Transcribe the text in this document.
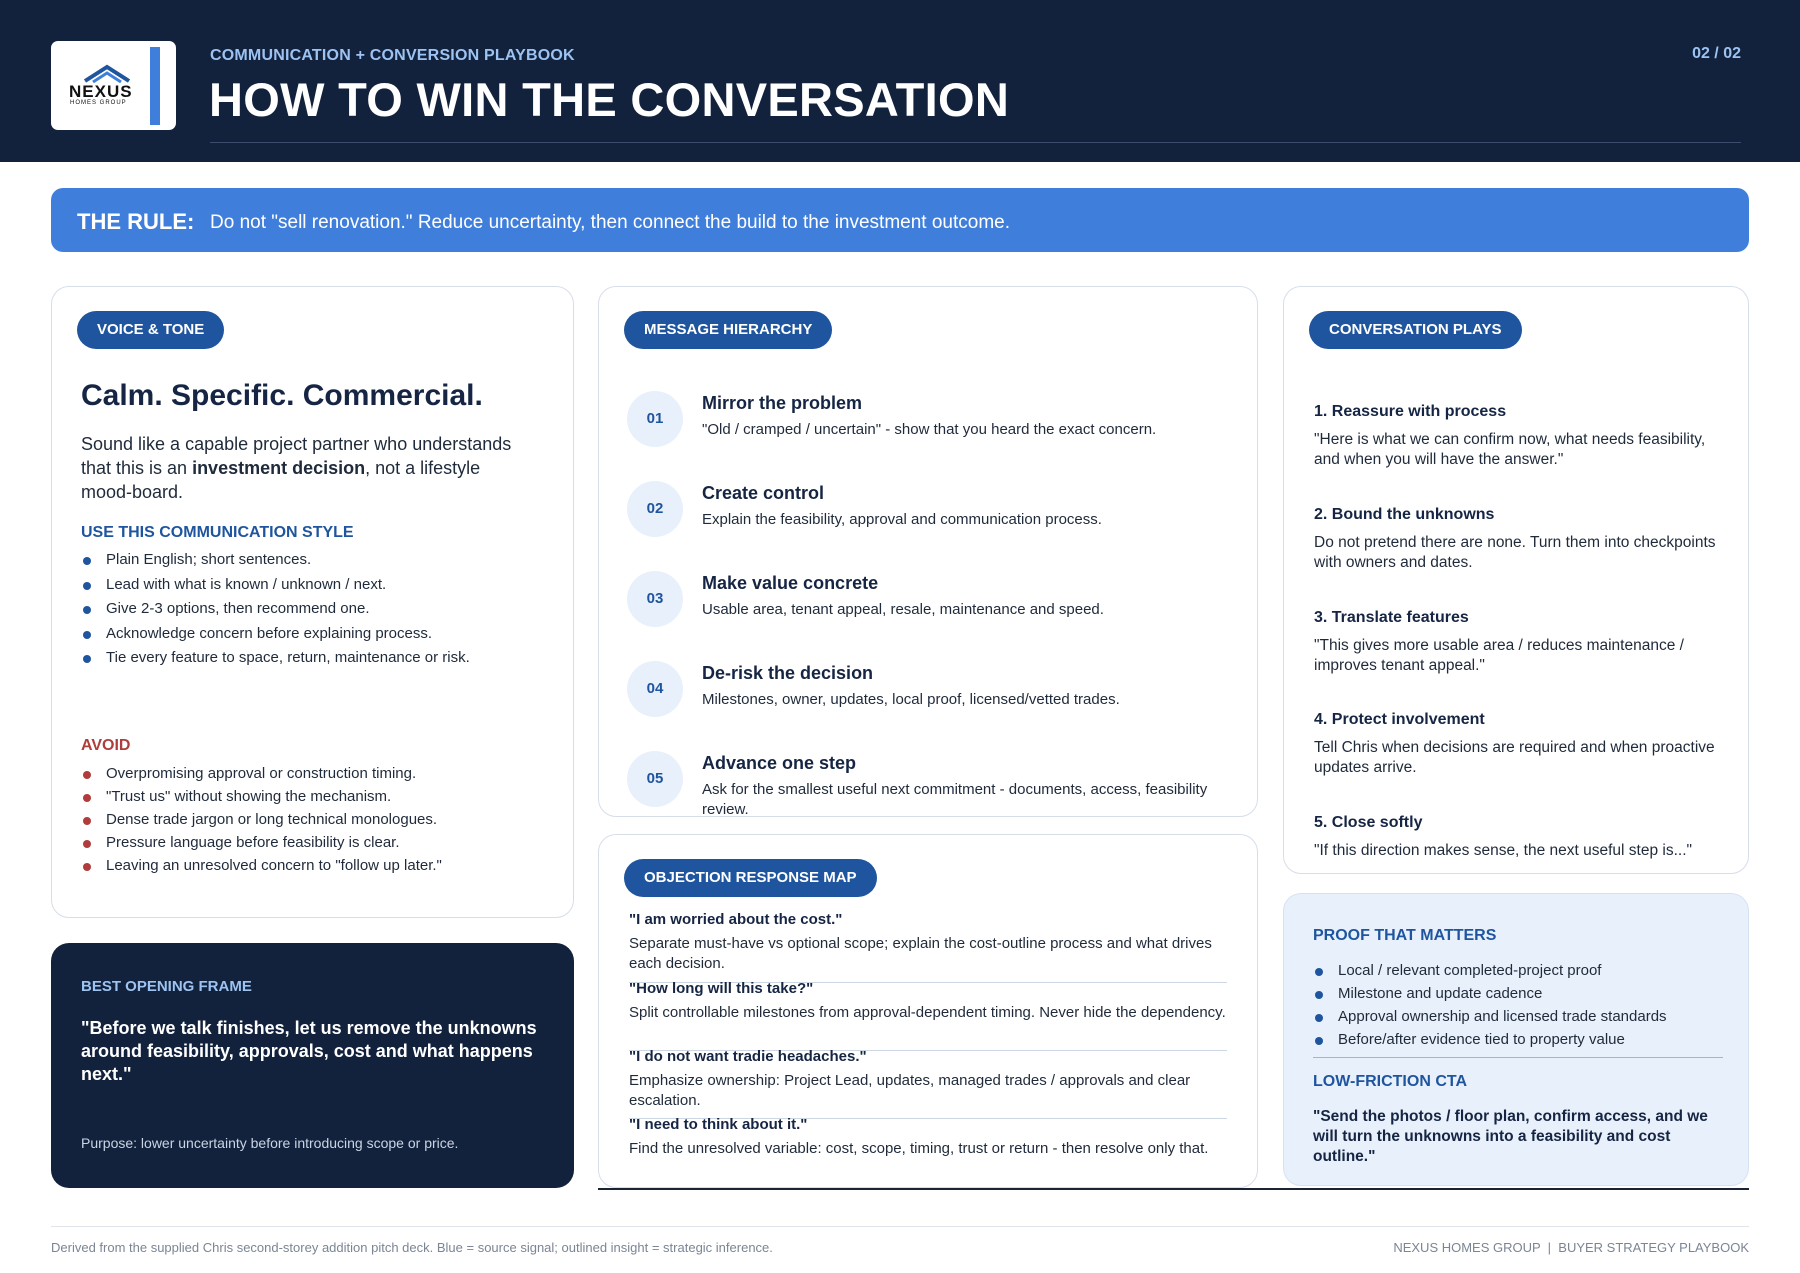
NEXUS
HOMES GROUP
COMMUNICATION + CONVERSION PLAYBOOK
HOW TO WIN THE CONVERSATION
02 / 02
THE RULE: Do not "sell renovation." Reduce uncertainty, then connect the build to the investment outcome.
VOICE & TONE
Calm. Specific. Commercial.
Sound like a capable project partner who understands that this is an investment decision, not a lifestyle mood-board.
USE THIS COMMUNICATION STYLE
Plain English; short sentences.
Lead with what is known / unknown / next.
Give 2-3 options, then recommend one.
Acknowledge concern before explaining process.
Tie every feature to space, return, maintenance or risk.
AVOID
Overpromising approval or construction timing.
"Trust us" without showing the mechanism.
Dense trade jargon or long technical monologues.
Pressure language before feasibility is clear.
Leaving an unresolved concern to "follow up later."
BEST OPENING FRAME
"Before we talk finishes, let us remove the unknowns around feasibility, approvals, cost and what happens next."
Purpose: lower uncertainty before introducing scope or price.
MESSAGE HIERARCHY
01
Mirror the problem
"Old / cramped / uncertain" - show that you heard the exact concern.
02
Create control
Explain the feasibility, approval and communication process.
03
Make value concrete
Usable area, tenant appeal, resale, maintenance and speed.
04
De-risk the decision
Milestones, owner, updates, local proof, licensed/vetted trades.
05
Advance one step
Ask for the smallest useful next commitment - documents, access, feasibility review.
OBJECTION RESPONSE MAP
"I am worried about the cost."
Separate must-have vs optional scope; explain the cost-outline process and what drives each decision.
"How long will this take?"
Split controllable milestones from approval-dependent timing. Never hide the dependency.
"I do not want tradie headaches."
Emphasize ownership: Project Lead, updates, managed trades / approvals and clear escalation.
"I need to think about it."
Find the unresolved variable: cost, scope, timing, trust or return - then resolve only that.
CONVERSATION PLAYS
1. Reassure with process
"Here is what we can confirm now, what needs feasibility, and when you will have the answer."
2. Bound the unknowns
Do not pretend there are none. Turn them into checkpoints with owners and dates.
3. Translate features
"This gives more usable area / reduces maintenance / improves tenant appeal."
4. Protect involvement
Tell Chris when decisions are required and when proactive updates arrive.
5. Close softly
"If this direction makes sense, the next useful step is..."
PROOF THAT MATTERS
Local / relevant completed-project proof
Milestone and update cadence
Approval ownership and licensed trade standards
Before/after evidence tied to property value
LOW-FRICTION CTA
"Send the photos / floor plan, confirm access, and we will turn the unknowns into a feasibility and cost outline."
Derived from the supplied Chris second-storey addition pitch deck. Blue = source signal; outlined insight = strategic inference.	NEXUS HOMES GROUP  |  BUYER STRATEGY PLAYBOOK
